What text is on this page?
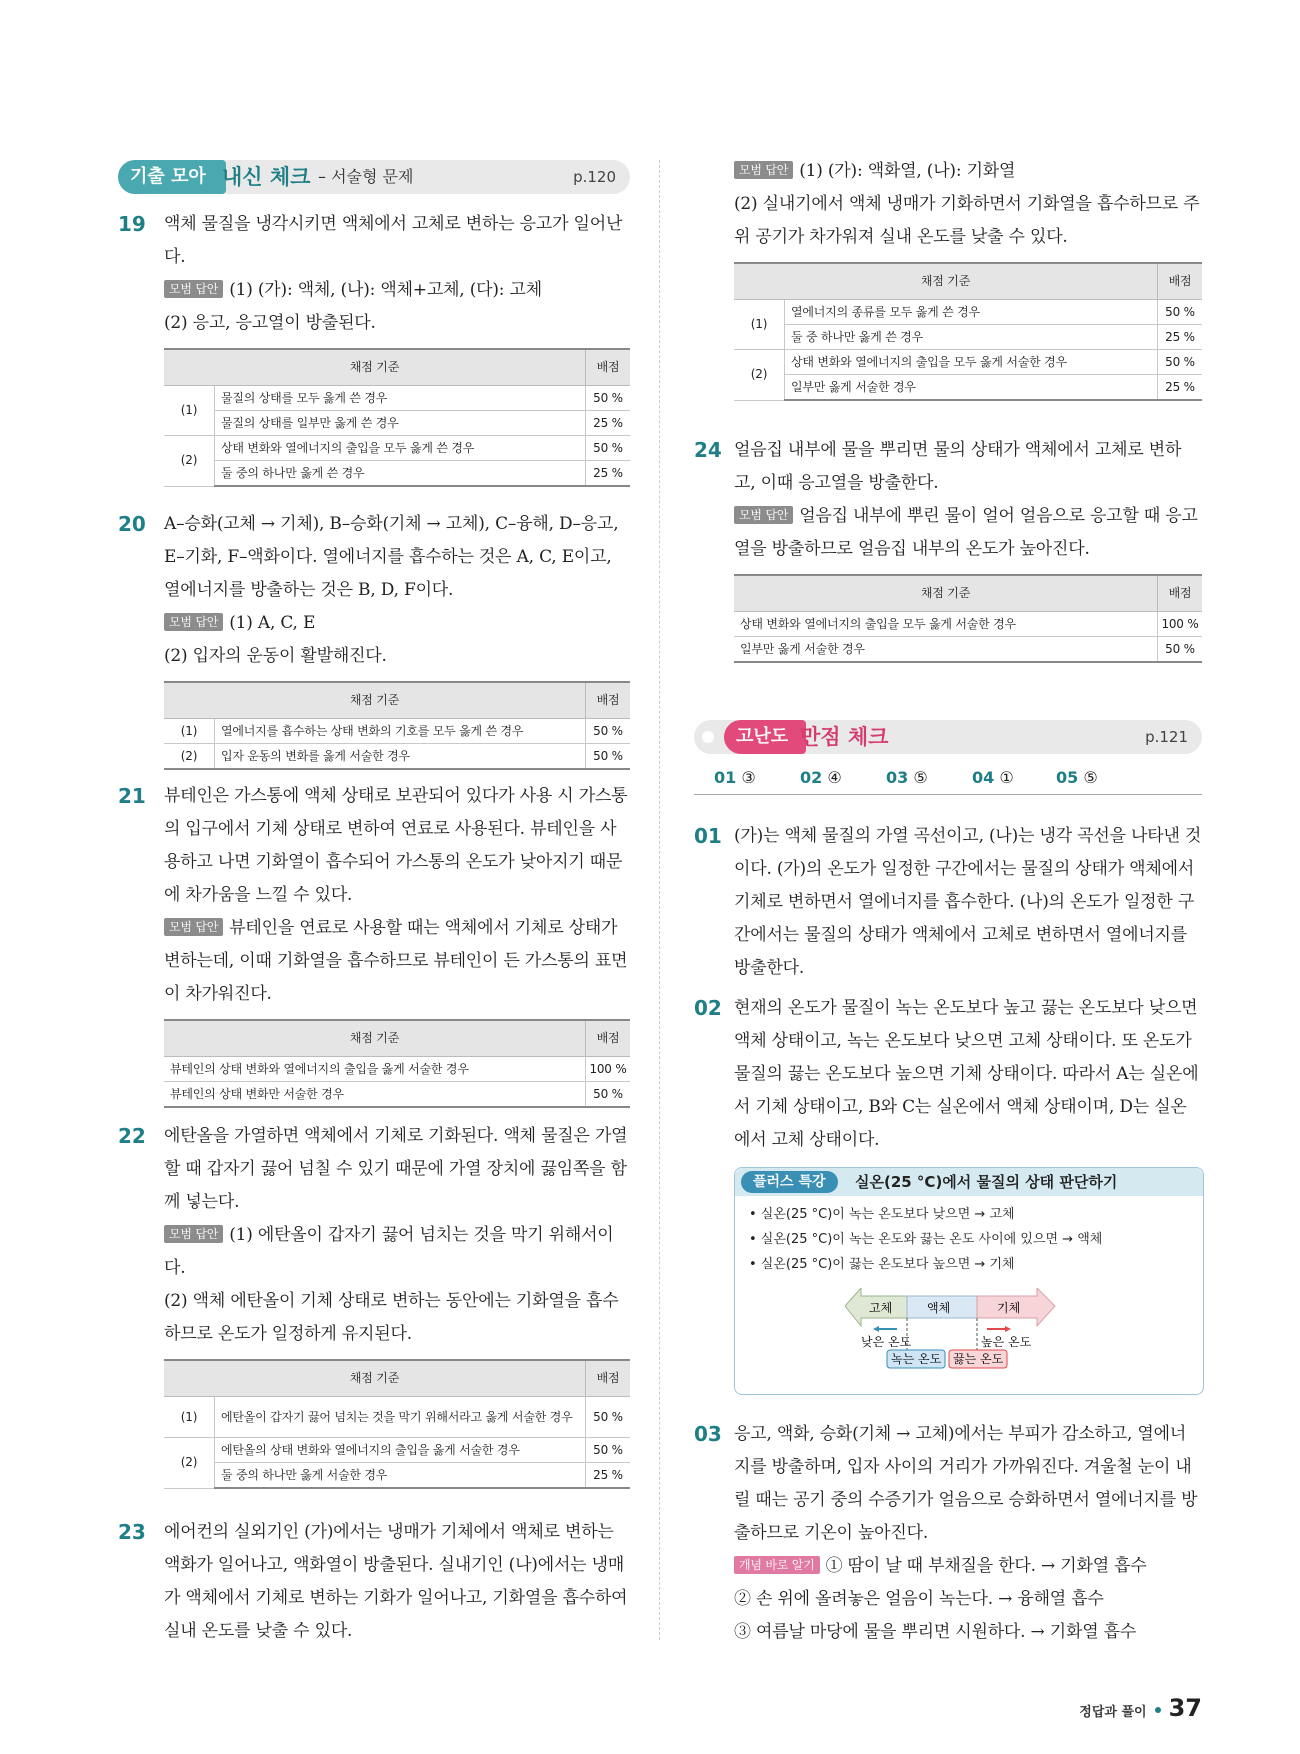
기출 모아 내신 체크 – 서술형 문제	p.120
19 액체 물질을 냉각시키면 액체에서 고체로 변하는 응고가 일어난다.

모범 답안 (1) (가): 액체, (나): 액체+고체, (다): 고체

(2) 응고, 응고열이 방출된다.

채점 기준		배점
(1)	물질의 상태를 모두 옳게 쓴 경우	50 %
	물질의 상태를 일부만 옳게 쓴 경우	25 %
(2)	상태 변화와 열에너지의 출입을 모두 옳게 쓴 경우	50 %
	둘 중의 하나만 옳게 쓴 경우	25 %
20 A–승화(고체 → 기체), B–승화(기체 → 고체), C–융해, D–응고, E–기화, F–액화이다. 열에너지를 흡수하는 것은 A, C, E이고, 열에너지를 방출하는 것은 B, D, F이다.

모범 답안 (1) A, C, E

(2) 입자의 운동이 활발해진다.

채점 기준		배점
(1)	열에너지를 흡수하는 상태 변화의 기호를 모두 옳게 쓴 경우	50 %
(2)	입자 운동의 변화를 옳게 서술한 경우	50 %
21 뷰테인은 가스통에 액체 상태로 보관되어 있다가 사용 시 가스통의 입구에서 기체 상태로 변하여 연료로 사용된다. 뷰테인을 사용하고 나면 기화열이 흡수되어 가스통의 온도가 낮아지기 때문에 차가움을 느낄 수 있다.

모범 답안 뷰테인을 연료로 사용할 때는 액체에서 기체로 상태가 변하는데, 이때 기화열을 흡수하므로 뷰테인이 든 가스통의 표면이 차가워진다.

채점 기준	배점
뷰테인의 상태 변화와 열에너지의 출입을 옳게 서술한 경우	100 %
뷰테인의 상태 변화만 서술한 경우	50 %
22 에탄올을 가열하면 액체에서 기체로 기화된다. 액체 물질은 가열할 때 갑자기 끓어 넘칠 수 있기 때문에 가열 장치에 끓임쪽을 함께 넣는다.

모범 답안 (1) 에탄올이 갑자기 끓어 넘치는 것을 막기 위해서이다.

(2) 액체 에탄올이 기체 상태로 변하는 동안에는 기화열을 흡수하므로 온도가 일정하게 유지된다.

채점 기준		배점
(1)	에탄올이 갑자기 끓어 넘치는 것을 막기 위해서라고 옳게 서술한 경우	50 %
(2)	에탄올의 상태 변화와 열에너지의 출입을 옳게 서술한 경우	50 %
	둘 중의 하나만 옳게 서술한 경우	25 %
23 에어컨의 실외기인 (가)에서는 냉매가 기체에서 액체로 변하는 액화가 일어나고, 액화열이 방출된다. 실내기인 (나)에서는 냉매가 액체에서 기체로 변하는 기화가 일어나고, 기화열을 흡수하여 실내 온도를 낮출 수 있다.

모범 답안 (1) (가): 액화열, (나): 기화열

(2) 실내기에서 액체 냉매가 기화하면서 기화열을 흡수하므로 주위 공기가 차가워져 실내 온도를 낮출 수 있다.

채점 기준		배점
(1)	열에너지의 종류를 모두 옳게 쓴 경우	50 %
	둘 중 하나만 옳게 쓴 경우	25 %
(2)	상태 변화와 열에너지의 출입을 모두 옳게 서술한 경우	50 %
	일부만 옳게 서술한 경우	25 %
24 얼음집 내부에 물을 뿌리면 물의 상태가 액체에서 고체로 변하고, 이때 응고열을 방출한다.

모범 답안 얼음집 내부에 뿌린 물이 얼어 얼음으로 응고할 때 응고열을 방출하므로 얼음집 내부의 온도가 높아진다.

채점 기준	배점
상태 변화와 열에너지의 출입을 모두 옳게 서술한 경우	100 %
일부만 옳게 서술한 경우	50 %
고난도 만점 체크	p.121
01 ③	02 ④	03 ⑤	04 ①	05 ⑤
01 (가)는 액체 물질의 가열 곡선이고, (나)는 냉각 곡선을 나타낸 것이다. (가)의 온도가 일정한 구간에서는 물질의 상태가 액체에서 기체로 변하면서 열에너지를 흡수한다. (나)의 온도가 일정한 구간에서는 물질의 상태가 액체에서 고체로 변하면서 열에너지를 방출한다.

02 현재의 온도가 물질이 녹는 온도보다 높고 끓는 온도보다 낮으면 액체 상태이고, 녹는 온도보다 낮으면 고체 상태이다. 또 온도가 물질의 끓는 온도보다 높으면 기체 상태이다. 따라서 A는 실온에서 기체 상태이고, B와 C는 실온에서 액체 상태이며, D는 실온에서 고체 상태이다.

플러스 특강	실온(25 °C)에서 물질의 상태 판단하기
• 실온(25 °C)이 녹는 온도보다 낮으면 → 고체
• 실온(25 °C)이 녹는 온도와 끓는 온도 사이에 있으면 → 액체
• 실온(25 °C)이 끓는 온도보다 높으면 → 기체
고체	액체	기체
낮은 온도	높은 온도
녹는 온도 끓는 온도
03 응고, 액화, 승화(기체 → 고체)에서는 부피가 감소하고, 열에너지를 방출하며, 입자 사이의 거리가 가까워진다. 겨울철 눈이 내릴 때는 공기 중의 수증기가 얼음으로 승화하면서 열에너지를 방출하므로 기온이 높아진다.

개념 바로 알기 ① 땀이 날 때 부채질을 한다. → 기화열 흡수

② 손 위에 올려놓은 얼음이 녹는다. → 융해열 흡수

③ 여름날 마당에 물을 뿌리면 시원하다. → 기화열 흡수

정답과 풀이 37
